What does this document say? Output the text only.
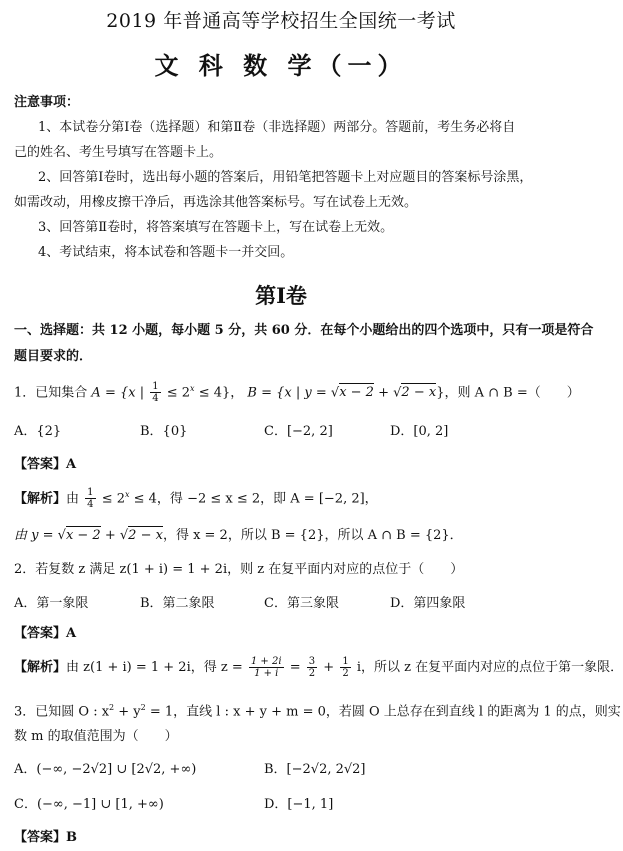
2019 年普通高等学校招生全国统一考试
文 科 数 学（一）
注意事项：
1、本试卷分第Ⅰ卷（选择题）和第Ⅱ卷（非选择题）两部分。答题前，考生务必将自
己的姓名、考生号填写在答题卡上。
2、回答第Ⅰ卷时，选出每小题的答案后，用铅笔把答题卡上对应题目的答案标号涂黑，
如需改动，用橡皮擦干净后，再选涂其他答案标号。写在试卷上无效。
3、回答第Ⅱ卷时，将答案填写在答题卡上，写在试卷上无效。
4、考试结束，将本试卷和答题卡一并交回。
第Ⅰ卷
一、选择题：共 12 小题，每小题 5 分，共 60 分．在每个小题给出的四个选项中，只有一项是符合
题目要求的．
1．已知集合 A = {x | $\frac{1}{4} \le 2^x \le 4$}， B = {x | y = √x − 2 + √2 − x}，则 A ∩ B =（　　）
A．{2}	B．{0}	C．[−2, 2]	D．[0, 2]
【答案】A
【解析】由 $\frac{1}{4} \le 2^x \le 4$，得 −2 ≤ x ≤ 2，即 A = [−2, 2]，
由 y = √x − 2 + √2 − x，得 x = 2，所以 B = {2}，所以 A ∩ B = {2}．
2．若复数 z 满足 z(1 + i) = 1 + 2i，则 z 在复平面内对应的点位于（　　）
A．第一象限	B．第二象限	C．第三象限	D．第四象限
【答案】A
【解析】由 z(1 + i) = 1 + 2i，得 $z = \frac{1 + 2i}{1 + i} = \frac{3}{2} + \frac{1}{2}$ i，所以 z 在复平面内对应的点位于第一象限．
3．已知圆 O : $x^2 + y^2 = 1$，直线 l : x + y + m = 0，若圆 O 上总存在到直线 l 的距离为 1 的点，则实
数 m 的取值范围为（　　）
A．(−∞, −2√2] ∪ [2√2, +∞)	B．[−2√2, 2√2]
C．(−∞, −1] ∪ [1, +∞)	D．[−1, 1]
【答案】B
